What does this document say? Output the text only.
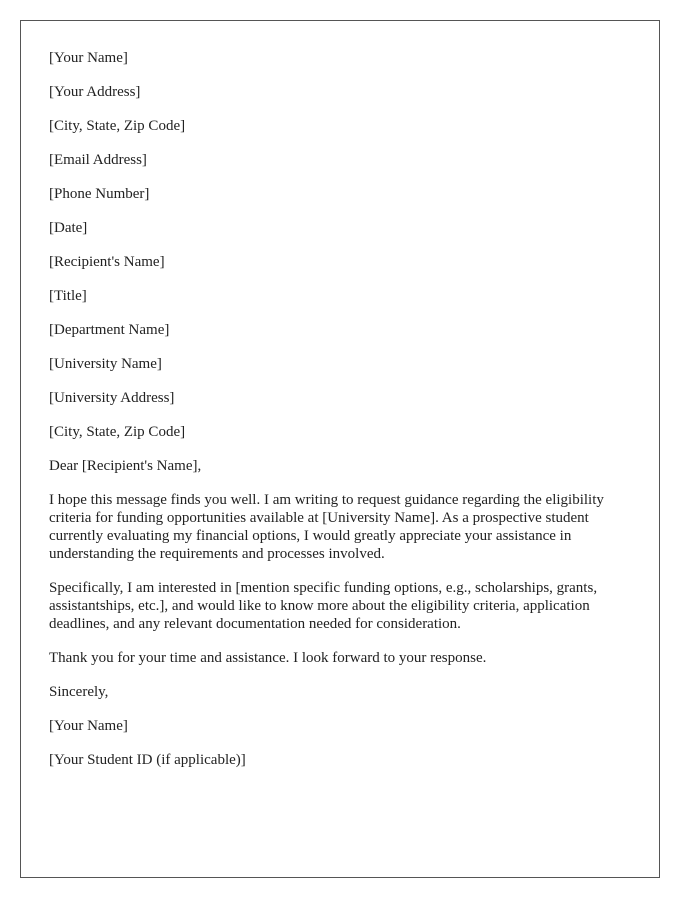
[Your Name]

[Your Address]

[City, State, Zip Code]

[Email Address]

[Phone Number]

[Date]

[Recipient's Name]

[Title]

[Department Name]

[University Name]

[University Address]

[City, State, Zip Code]

Dear [Recipient's Name],

I hope this message finds you well. I am writing to request guidance regarding the eligibility criteria for funding opportunities available at [University Name]. As a prospective student currently evaluating my financial options, I would greatly appreciate your assistance in understanding the requirements and processes involved.

Specifically, I am interested in [mention specific funding options, e.g., scholarships, grants, assistantships, etc.], and would like to know more about the eligibility criteria, application deadlines, and any relevant documentation needed for consideration.

Thank you for your time and assistance. I look forward to your response.

Sincerely,

[Your Name]

[Your Student ID (if applicable)]
